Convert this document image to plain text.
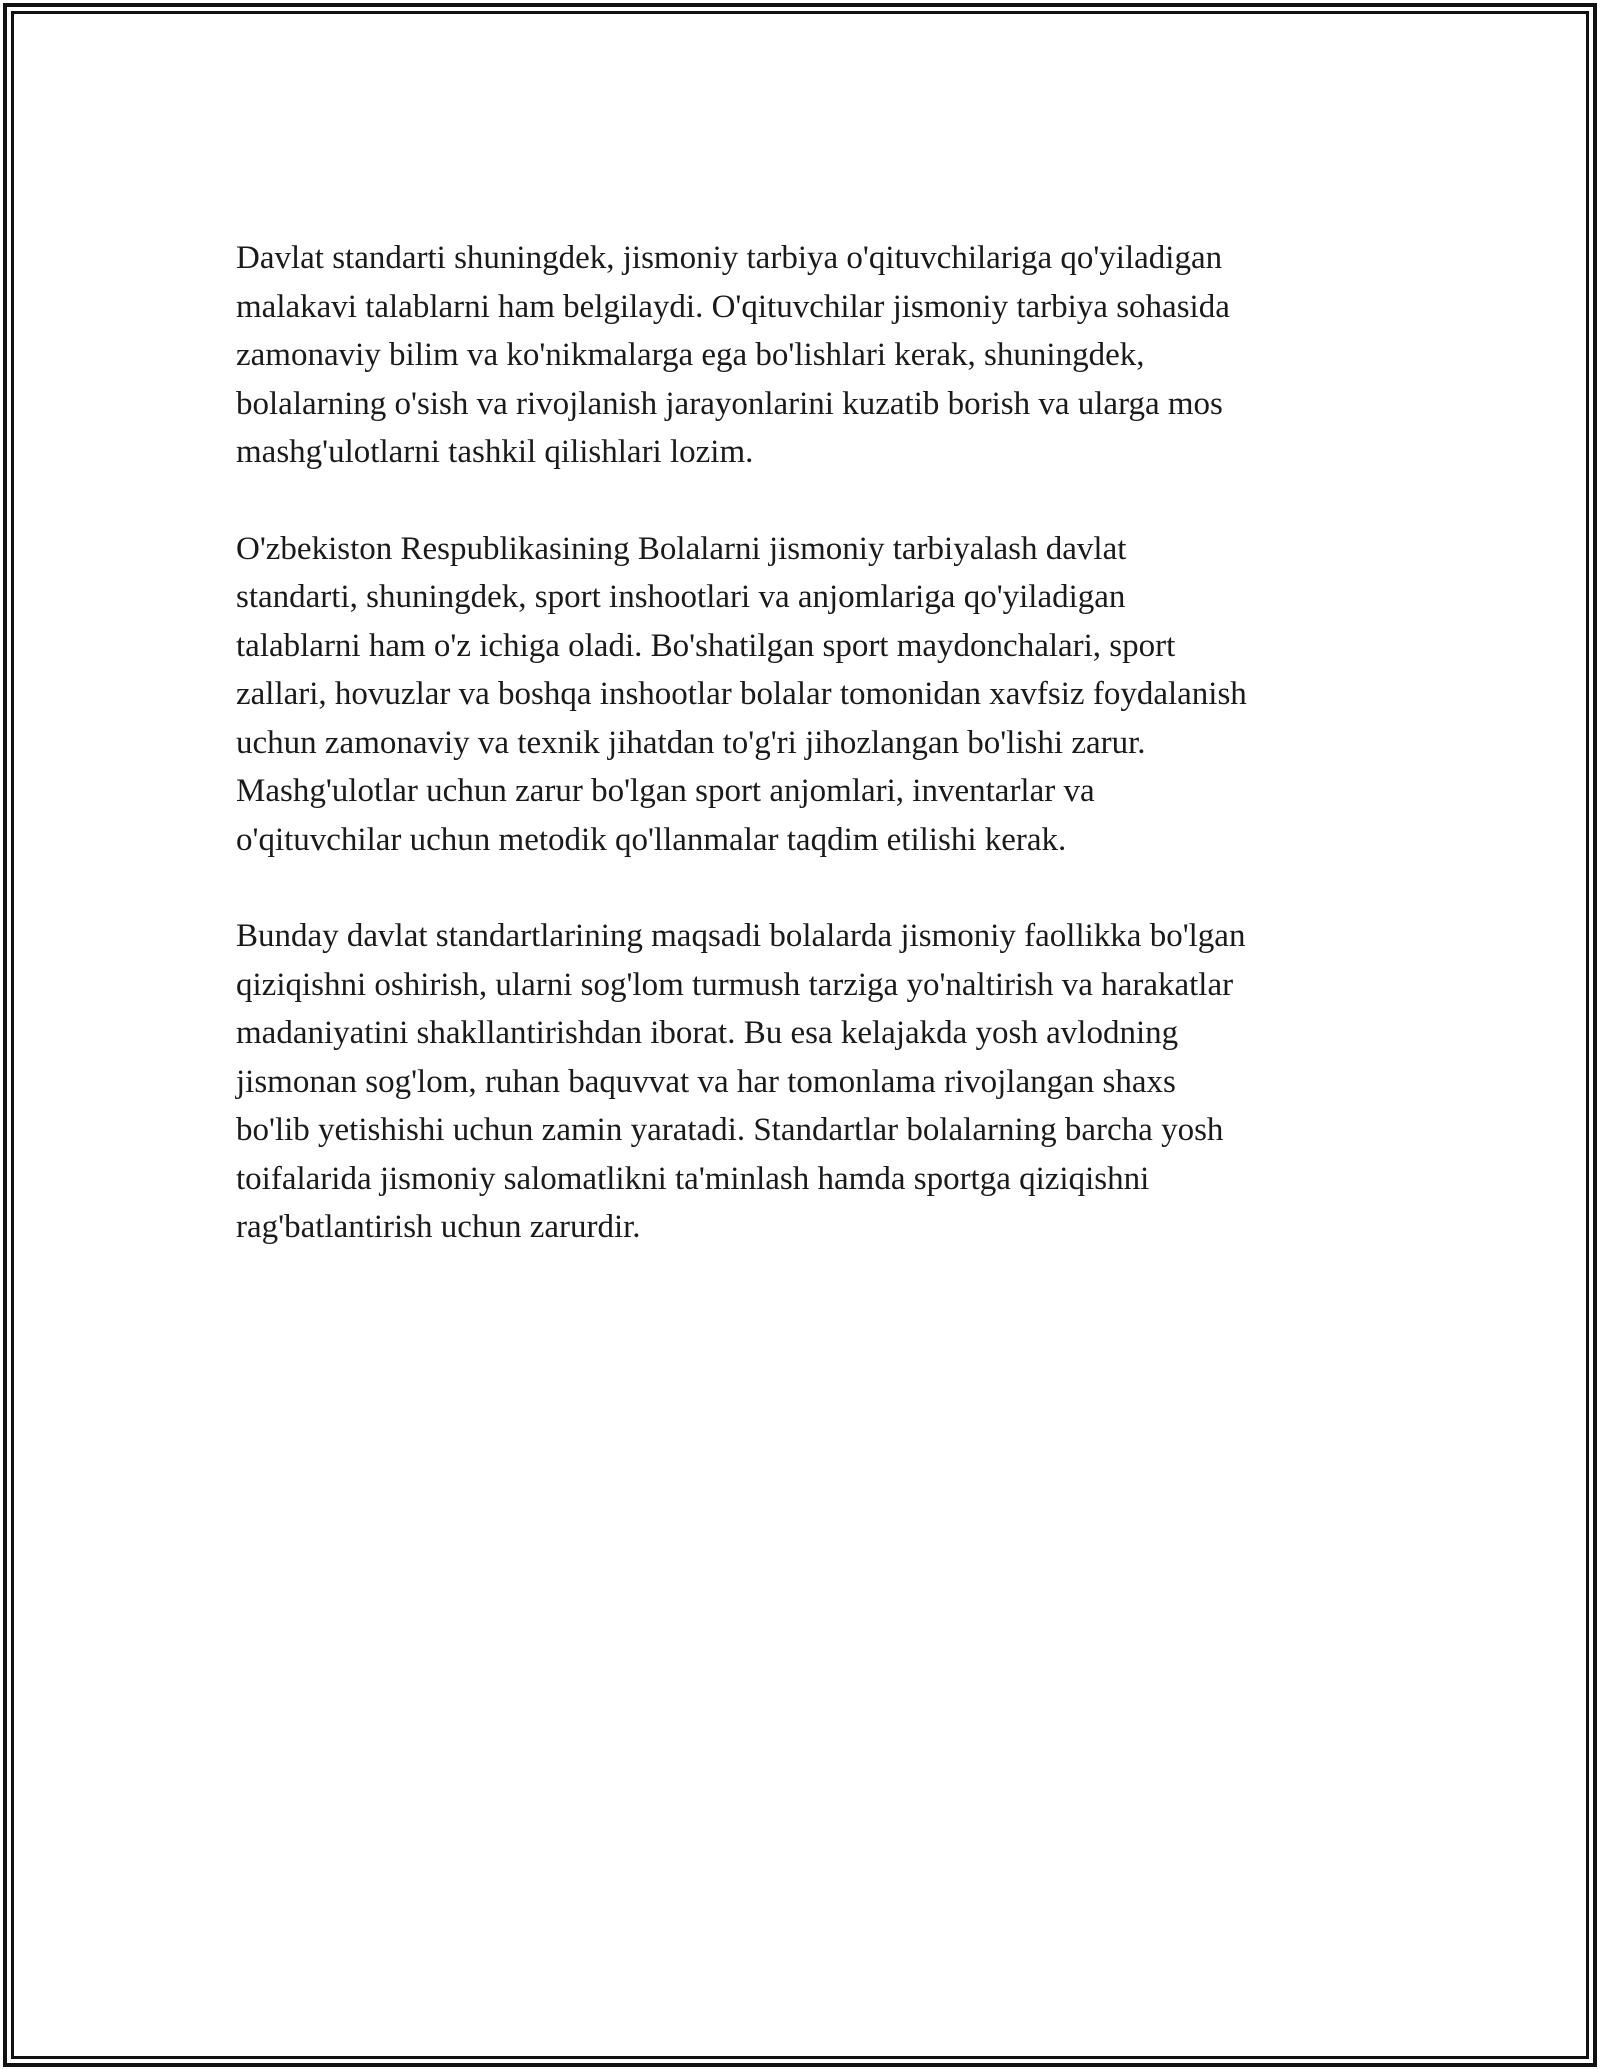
Davlat standarti shuningdek, jismoniy tarbiya o'qituvchilariga qo'yiladigan
malakavi talablarni ham belgilaydi. O'qituvchilar jismoniy tarbiya sohasida
zamonaviy bilim va ko'nikmalarga ega bo'lishlari kerak, shuningdek,
bolalarning o'sish va rivojlanish jarayonlarini kuzatib borish va ularga mos
mashg'ulotlarni tashkil qilishlari lozim.

O'zbekiston Respublikasining Bolalarni jismoniy tarbiyalash davlat
standarti, shuningdek, sport inshootlari va anjomlariga qo'yiladigan
talablarni ham o'z ichiga oladi. Bo'shatilgan sport maydonchalari, sport
zallari, hovuzlar va boshqa inshootlar bolalar tomonidan xavfsiz foydalanish
uchun zamonaviy va texnik jihatdan to'g'ri jihozlangan bo'lishi zarur.
Mashg'ulotlar uchun zarur bo'lgan sport anjomlari, inventarlar va
o'qituvchilar uchun metodik qo'llanmalar taqdim etilishi kerak.

Bunday davlat standartlarining maqsadi bolalarda jismoniy faollikka bo'lgan
qiziqishni oshirish, ularni sog'lom turmush tarziga yo'naltirish va harakatlar
madaniyatini shakllantirishdan iborat. Bu esa kelajakda yosh avlodning
jismonan sog'lom, ruhan baquvvat va har tomonlama rivojlangan shaxs
bo'lib yetishishi uchun zamin yaratadi. Standartlar bolalarning barcha yosh
toifalarida jismoniy salomatlikni ta'minlash hamda sportga qiziqishni
rag'batlantirish uchun zarurdir.
